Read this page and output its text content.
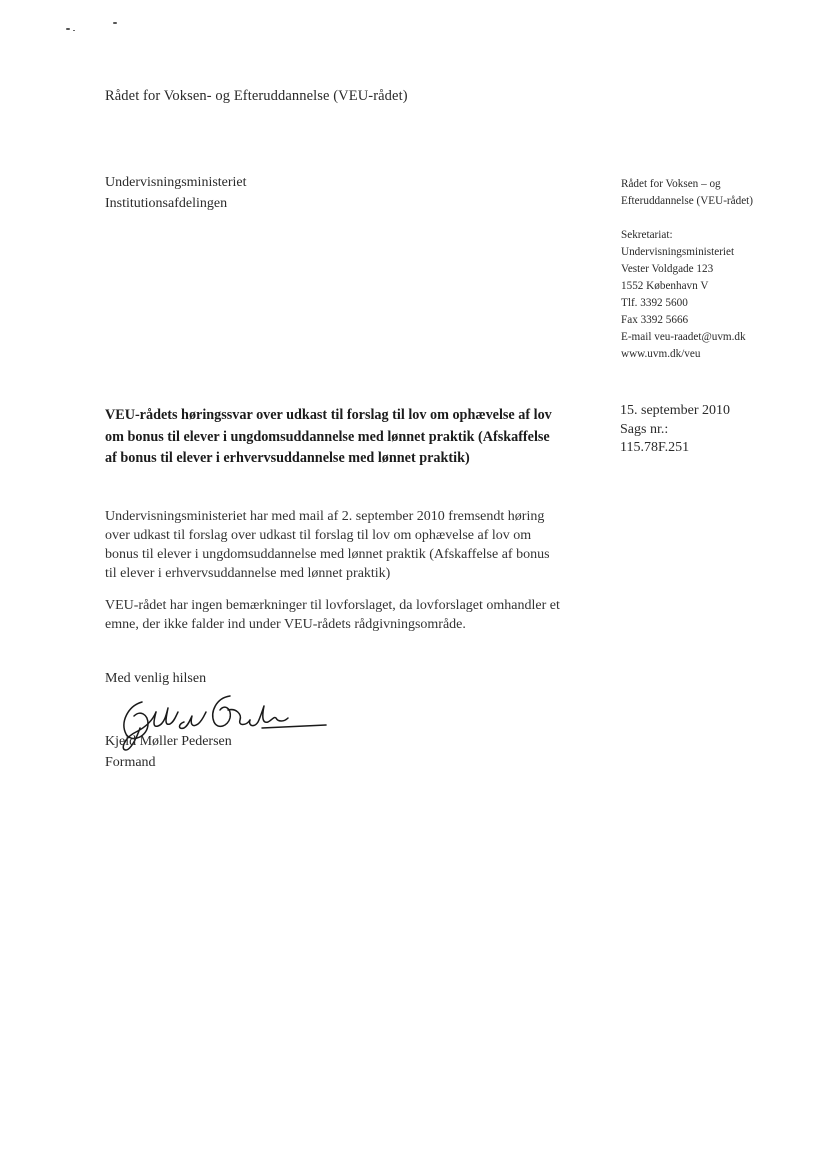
Rådet for Voksen- og Efteruddannelse (VEU-rådet)
Undervisningsministeriet
Institutionsafdelingen
Rådet for Voksen – og
Efteruddannelse (VEU-rådet)
Sekretariat:
Undervisningsministeriet
Vester Voldgade 123
1552 København V
Tlf. 3392 5600
Fax 3392 5666
E-mail veu-raadet@uvm.dk
www.uvm.dk/veu
15. september 2010
Sags nr.:
115.78F.251
VEU-rådets høringssvar over udkast til forslag til lov om ophævelse af lov om bonus til elever i ungdomsuddannelse med lønnet praktik (Afskaffelse af bonus til elever i erhvervsuddannelse med lønnet praktik)
Undervisningsministeriet har med mail af 2. september 2010 fremsendt høring over udkast til forslag over udkast til forslag til lov om ophævelse af lov om bonus til elever i ungdomsuddannelse med lønnet praktik (Afskaffelse af bonus til elever i erhvervsuddannelse med lønnet praktik)
VEU-rådet har ingen bemærkninger til lovforslaget, da lovforslaget omhandler et emne, der ikke falder ind under VEU-rådets rådgivningsområde.
Med venlig hilsen
Kjeld Møller Pedersen
Formand
